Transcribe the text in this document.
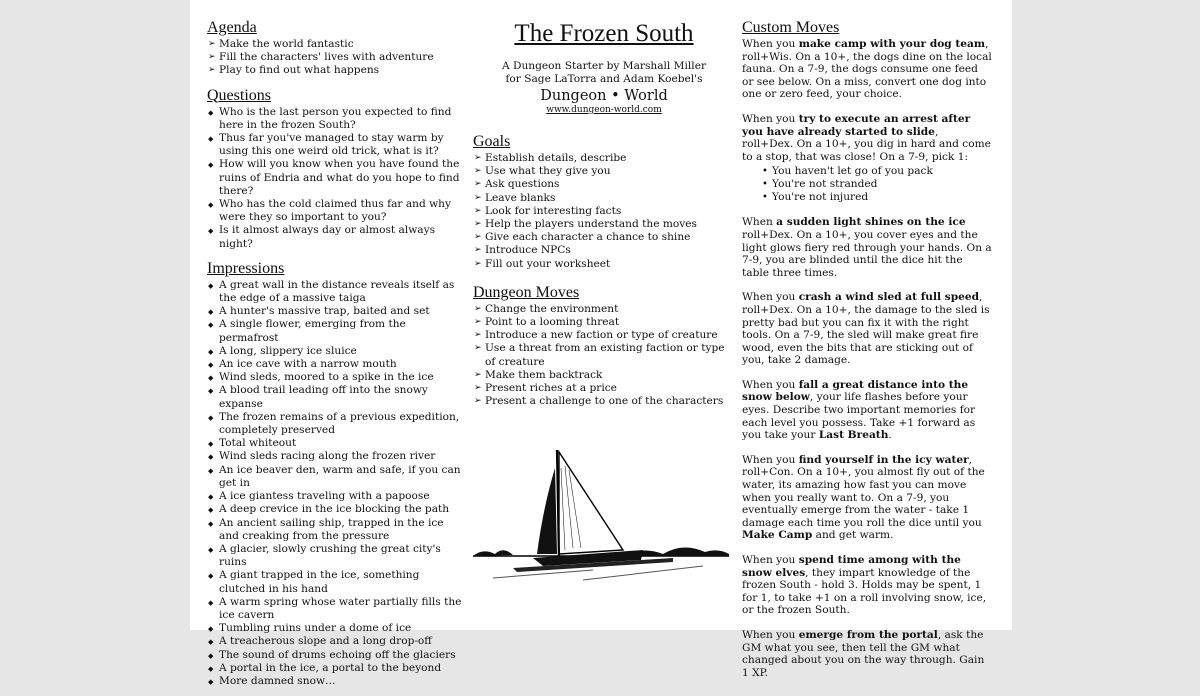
Agenda
➢ Make the world fantastic
➢ Fill the characters' lives with adventure
➢ Play to find out what happens
Questions
◆ Who is the last person you expected to find here in the frozen South?
◆ Thus far you've managed to stay warm by using this one weird old trick, what is it?
◆ How will you know when you have found the ruins of Endria and what do you hope to find there?
◆ Who has the cold claimed thus far and why were they so important to you?
◆ Is it almost always day or almost always night?
Impressions
◆ A great wall in the distance reveals itself as the edge of a massive taiga
◆ A hunter's massive trap, baited and set
◆ A single flower, emerging from the permafrost
◆ A long, slippery ice sluice
◆ An ice cave with a narrow mouth
◆ Wind sleds, moored to a spike in the ice
◆ A blood trail leading off into the snowy expanse
◆ The frozen remains of a previous expedition, completely preserved
◆ Total whiteout
◆ Wind sleds racing along the frozen river
◆ An ice beaver den, warm and safe, if you can get in
◆ A ice giantess traveling with a papoose
◆ A deep crevice in the ice blocking the path
◆ An ancient sailing ship, trapped in the ice and creaking from the pressure
◆ A glacier, slowly crushing the great city's ruins
◆ A giant trapped in the ice, something clutched in his hand
◆ A warm spring whose water partially fills the ice cavern
◆ Tumbling ruins under a dome of ice
◆ A treacherous slope and a long drop-off
◆ The sound of drums echoing off the glaciers
◆ A portal in the ice, a portal to the beyond
◆ More damned snow…
The Frozen South
A Dungeon Starter by Marshall Miller
for Sage LaTorra and Adam Koebel's
Dungeon • World
www.dungeon-world.com
Goals
➢ Establish details, describe
➢ Use what they give you
➢ Ask questions
➢ Leave blanks
➢ Look for interesting facts
➢ Help the players understand the moves
➢ Give each character a chance to shine
➢ Introduce NPCs
➢ Fill out your worksheet
Dungeon Moves
➢ Change the environment
➢ Point to a looming threat
➢ Introduce a new faction or type of creature
➢ Use a threat from an existing faction or type of creature
➢ Make them backtrack
➢ Present riches at a price
➢ Present a challenge to one of the characters
Custom Moves

When you make camp with your dog team, roll+Wis. On a 10+, the dogs dine on the local fauna. On a 7-9, the dogs consume one feed or see below. On a miss, convert one dog into one or zero feed, your choice.

When you try to execute an arrest after you have already started to slide, roll+Dex. On a 10+, you dig in hard and come to a stop, that was close! On a 7-9, pick 1:

• You haven't let go of you pack
• You're not stranded
• You're not injured

When a sudden light shines on the ice roll+Dex. On a 10+, you cover eyes and the light glows fiery red through your hands. On a 7-9, you are blinded until the dice hit the table three times.

When you crash a wind sled at full speed, roll+Dex. On a 10+, the damage to the sled is pretty bad but you can fix it with the right tools. On a 7-9, the sled will make great fire wood, even the bits that are sticking out of you, take 2 damage.

When you fall a great distance into the snow below, your life flashes before your eyes. Describe two important memories for each level you possess. Take +1 forward as you take your Last Breath.

When you find yourself in the icy water, roll+Con. On a 10+, you almost fly out of the water, its amazing how fast you can move when you really want to. On a 7-9, you eventually emerge from the water - take 1 damage each time you roll the dice until you Make Camp and get warm.

When you spend time among with the snow elves, they impart knowledge of the frozen South - hold 3. Holds may be spent, 1 for 1, to take +1 on a roll involving snow, ice, or the frozen South.

When you emerge from the portal, ask the GM what you see, then tell the GM what changed about you on the way through. Gain 1 XP.
